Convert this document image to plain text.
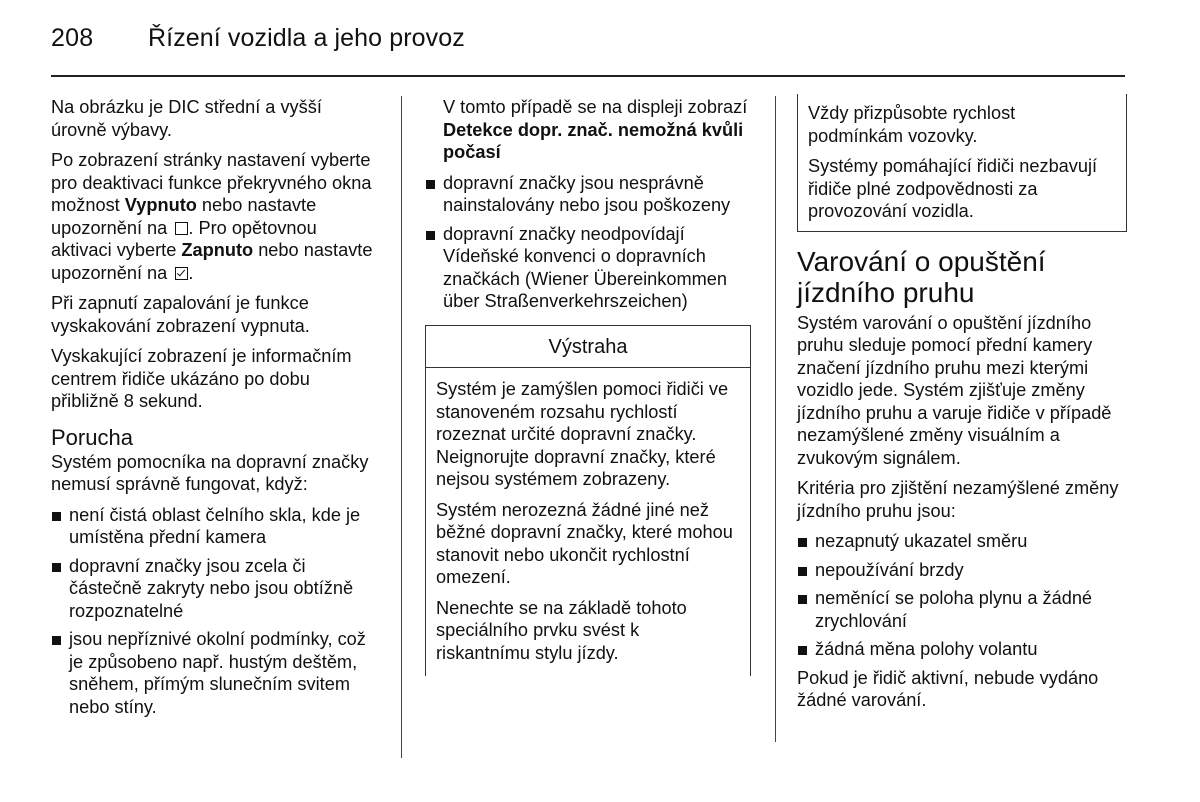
208 Řízení vozidla a jeho provoz

Na obrázku je DIC střední a vyšší úrovně výbavy.

Po zobrazení stránky nastavení vyberte pro deaktivaci funkce překryvného okna možnost Vypnuto nebo nastavte upozornění na . Pro opětovnou aktivaci vyberte Zapnuto nebo nastavte upozornění na .

Při zapnutí zapalování je funkce vyskakování zobrazení vypnuta.

Vyskakující zobrazení je informačním centrem řidiče ukázáno po dobu přibližně 8 sekund.

Porucha

Systém pomocníka na dopravní značky nemusí správně fungovat, když:

není čistá oblast čelního skla, kde je umístěna přední kamera
dopravní značky jsou zcela či částečně zakryty nebo jsou obtížně rozpoznatelné
jsou nepříznivé okolní podmínky, což je způsobeno např. hustým deštěm, sněhem, přímým slunečním svitem nebo stíny.

V tomto případě se na displeji zobrazí Detekce dopr. znač. nemožná kvůli počasí

dopravní značky jsou nesprávně nainstalovány nebo jsou poškozeny
dopravní značky neodpovídají Vídeňské konvenci o dopravních značkách (Wiener Übereinkommen über Straßenverkehrszeichen)
Výstraha

Systém je zamýšlen pomoci řidiči ve stanoveném rozsahu rychlostí rozeznat určité dopravní značky. Neignorujte dopravní značky, které nejsou systémem zobrazeny.

Systém nerozezná žádné jiné než běžné dopravní značky, které mohou stanovit nebo ukončit rychlostní omezení.

Nenechte se na základě tohoto speciálního prvku svést k riskantnímu stylu jízdy.

Vždy přizpůsobte rychlost podmínkám vozovky.

Systémy pomáhající řidiči nezbavují řidiče plné zodpovědnosti za provozování vozidla.

Varování o opuštění jízdního pruhu

Systém varování o opuštění jízdního pruhu sleduje pomocí přední kamery značení jízdního pruhu mezi kterými vozidlo jede. Systém zjišťuje změny jízdního pruhu a varuje řidiče v případě nezamýšlené změny visuálním a zvukovým signálem.

Kritéria pro zjištění nezamýšlené změny jízdního pruhu jsou:

nezapnutý ukazatel směru
nepoužívání brzdy
neměnící se poloha plynu a žádné zrychlování
žádná měna polohy volantu

Pokud je řidič aktivní, nebude vydáno žádné varování.
